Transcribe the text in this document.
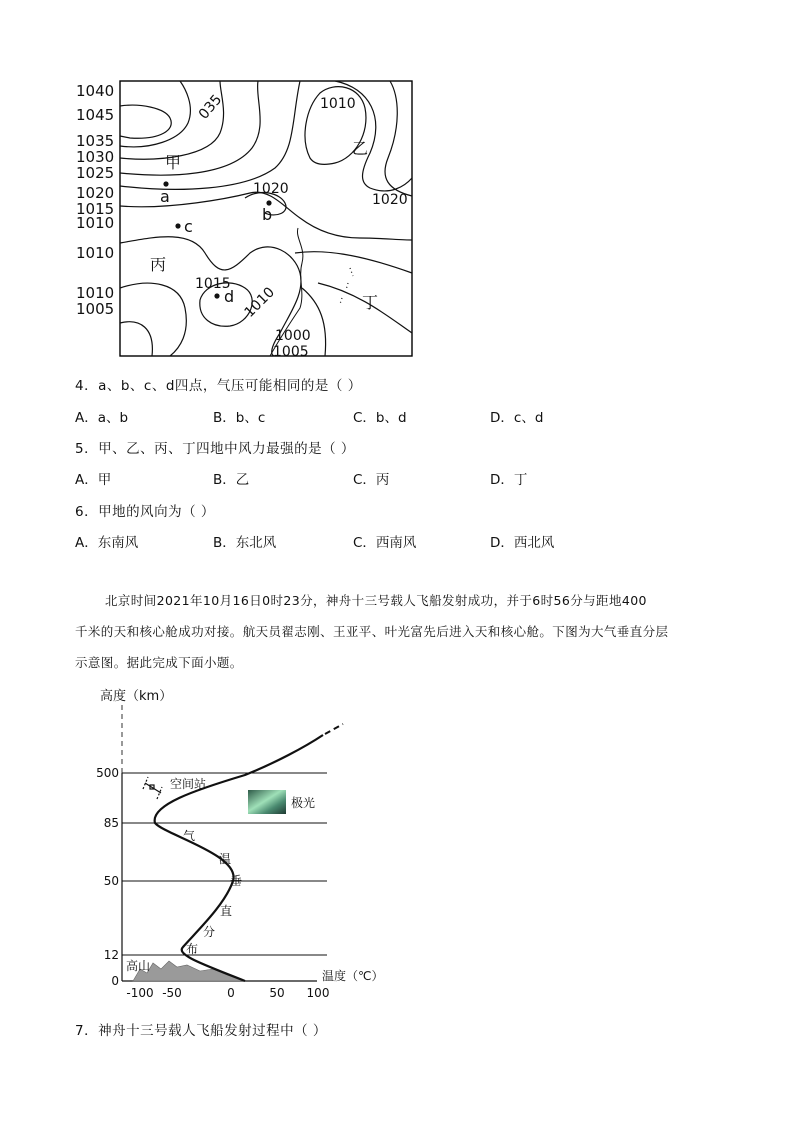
1040
1045
1035
1030
1025
1020
1015
1010
1010
1010
1005
035	1010
1020
1020
1015
1010
1000
1005
a
b
c
d
甲
乙
丙
丁
4．a、b、c、d四点，气压可能相同的是（ ）
A．a、b	B．b、c	C．b、d	D．c、d
5．甲、乙、丙、丁四地中风力最强的是（ ）
A．甲	B．乙	C．丙	D．丁
6．甲地的风向为（ ）
A．东南风	B．东北风	C．西南风	D．西北风
北京时间2021年10月16日0时23分，神舟十三号载人飞船发射成功，并于6时56分与距地400
千米的天和核心舱成功对接。航天员翟志刚、王亚平、叶光富先后进入天和核心舱。下图为大气垂直分层
示意图。据此完成下面小题。
高度（km）
0
12
50
85
500
-100 -50	0	50 100
温度（℃）
高山
气
温
垂
直
分
布
空间站
极光
7．神舟十三号载人飞船发射过程中（ ）
